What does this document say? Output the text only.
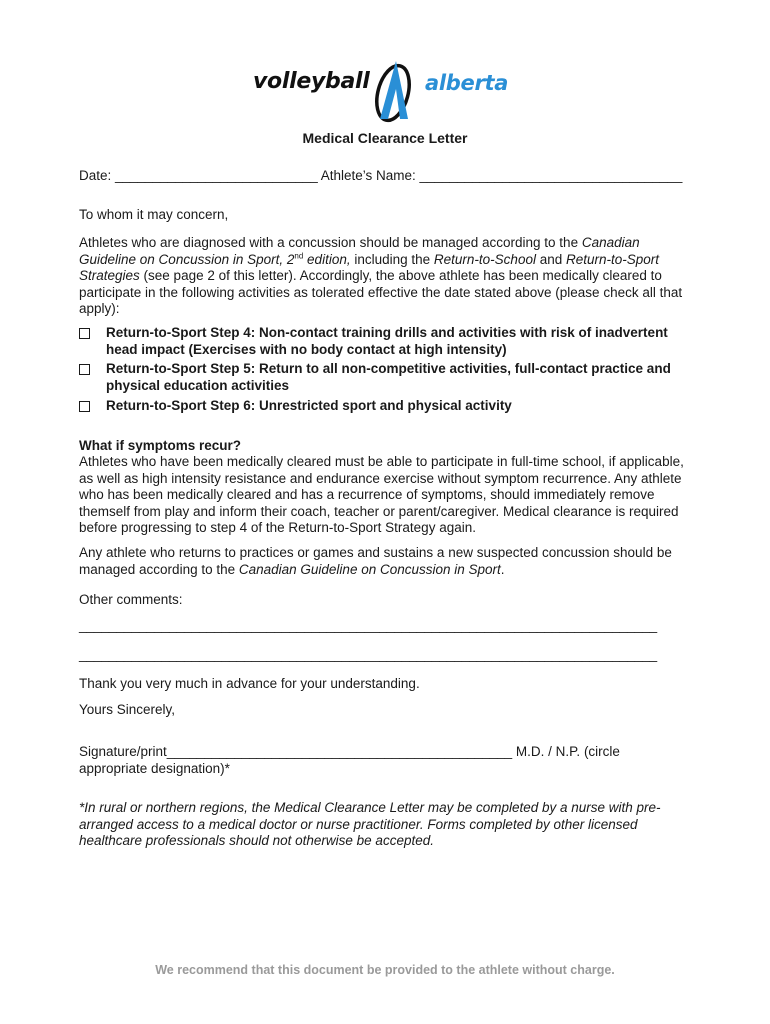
volleyball	alberta
Medical Clearance Letter
Date: ___________________________ Athlete’s Name: ___________________________________
To whom it may concern,
Athletes who are diagnosed with a concussion should be managed according to the Canadian Guideline on Concussion in Sport, 2nd edition, including the Return-to-School and Return-to-Sport Strategies (see page 2 of this letter). Accordingly, the above athlete has been medically cleared to participate in the following activities as tolerated effective the date stated above (please check all that apply):
Return-to-Sport Step 4: Non-contact training drills and activities with risk of inadvertent head impact (Exercises with no body contact at high intensity)
Return-to-Sport Step 5: Return to all non-competitive activities, full-contact practice and physical education activities
Return-to-Sport Step 6: Unrestricted sport and physical activity
What if symptoms recur?
Athletes who have been medically cleared must be able to participate in full-time school, if applicable, as well as high intensity resistance and endurance exercise without symptom recurrence. Any athlete who has been medically cleared and has a recurrence of symptoms, should immediately remove themself from play and inform their coach, teacher or parent/caregiver. Medical clearance is required before progressing to step 4 of the Return-to-Sport Strategy again.
Any athlete who returns to practices or games and sustains a new suspected concussion should be managed according to the Canadian Guideline on Concussion in Sport.
Other comments:
_____________________________________________________________________________
_____________________________________________________________________________
Thank you very much in advance for your understanding.
Yours Sincerely,
Signature/print______________________________________________ M.D. / N.P. (circle appropriate designation)*
*In rural or northern regions, the Medical Clearance Letter may be completed by a nurse with pre-arranged access to a medical doctor or nurse practitioner. Forms completed by other licensed healthcare professionals should not otherwise be accepted.
We recommend that this document be provided to the athlete without charge.
